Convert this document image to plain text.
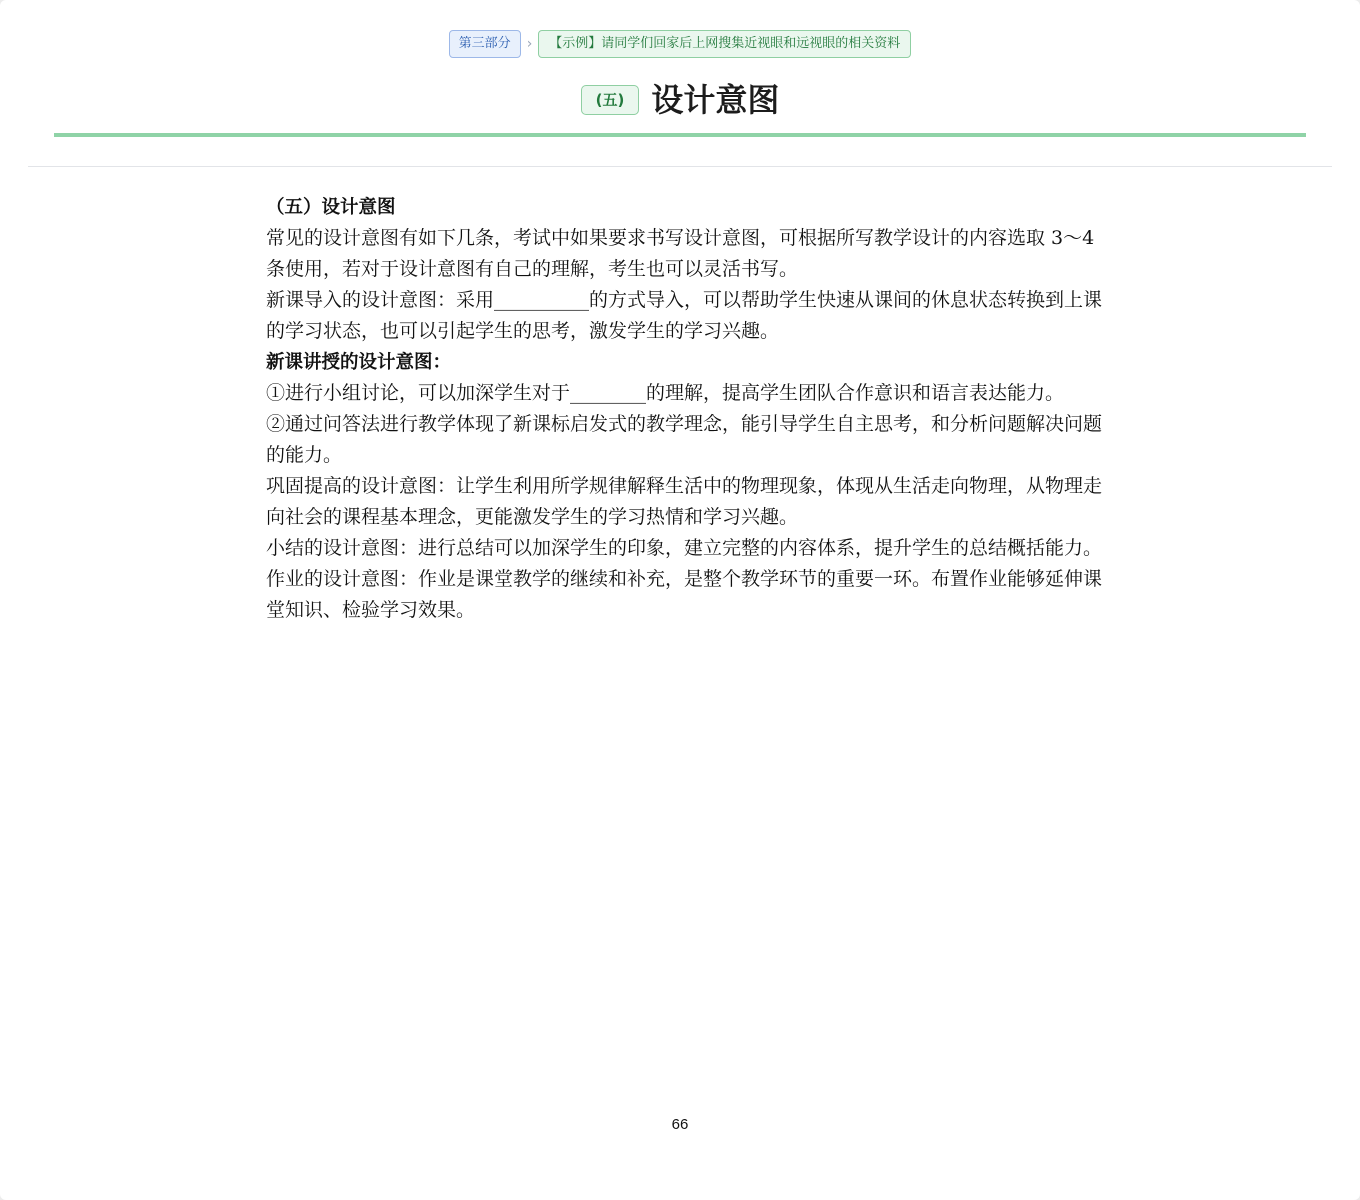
第三部分	›	【示例】请同学们回家后上网搜集近视眼和远视眼的相关资料
(五) 设计意图

（五）设计意图

常见的设计意图有如下几条，考试中如果要求书写设计意图，可根据所写教学设计的内容选取 3～4 条使用，若对于设计意图有自己的理解，考生也可以灵活书写。

新课导入的设计意图：采用__________的方式导入，可以帮助学生快速从课间的休息状态转换到上课的学习状态，也可以引起学生的思考，激发学生的学习兴趣。

新课讲授的设计意图：

①进行小组讨论，可以加深学生对于________的理解，提高学生团队合作意识和语言表达能力。

②通过问答法进行教学体现了新课标启发式的教学理念，能引导学生自主思考，和分析问题解决问题的能力。

巩固提高的设计意图：让学生利用所学规律解释生活中的物理现象，体现从生活走向物理，从物理走向社会的课程基本理念，更能激发学生的学习热情和学习兴趣。

小结的设计意图：进行总结可以加深学生的印象，建立完整的内容体系，提升学生的总结概括能力。

作业的设计意图：作业是课堂教学的继续和补充，是整个教学环节的重要一环。布置作业能够延伸课堂知识、检验学习效果。

66
